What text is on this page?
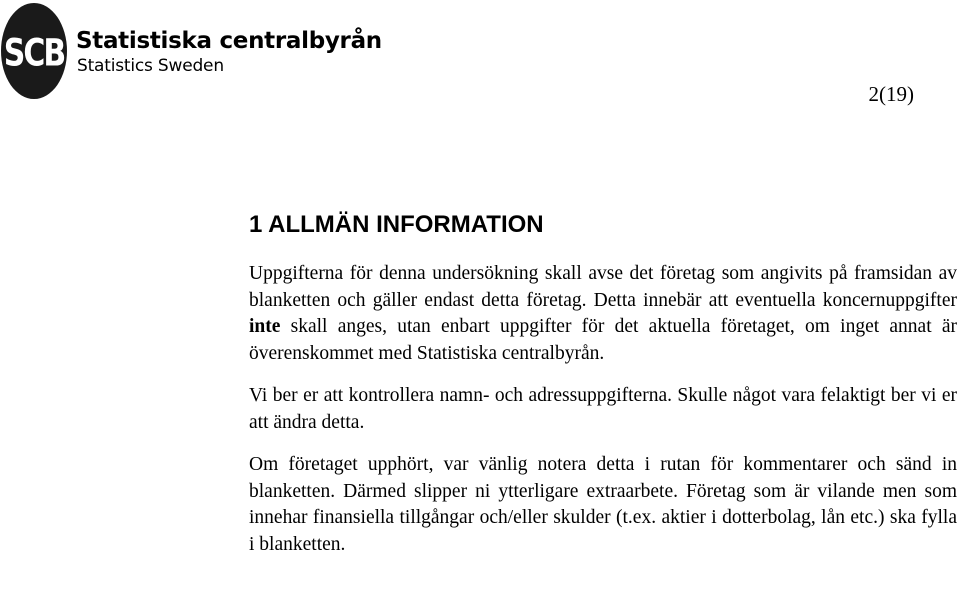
SCB Statistiska centralbyrån
Statistics Sweden
2(19)
1 ALLMÄN INFORMATION

Uppgifterna för denna undersökning skall avse det företag som angivits på framsidan av blanketten och gäller endast detta företag. Detta innebär att eventuella koncernuppgifter inte skall anges, utan enbart uppgifter för det aktuella företaget, om inget annat är överenskommet med Statistiska centralbyrån.

Vi ber er att kontrollera namn- och adressuppgifterna. Skulle något vara felaktigt ber vi er att ändra detta.

Om företaget upphört, var vänlig notera detta i rutan för kommentarer och sänd in blanketten. Därmed slipper ni ytterligare extraarbete. Företag som är vilande men som innehar finansiella tillgångar och/eller skulder (t.ex. aktier i dotterbolag, lån etc.) ska fylla i blanketten.
